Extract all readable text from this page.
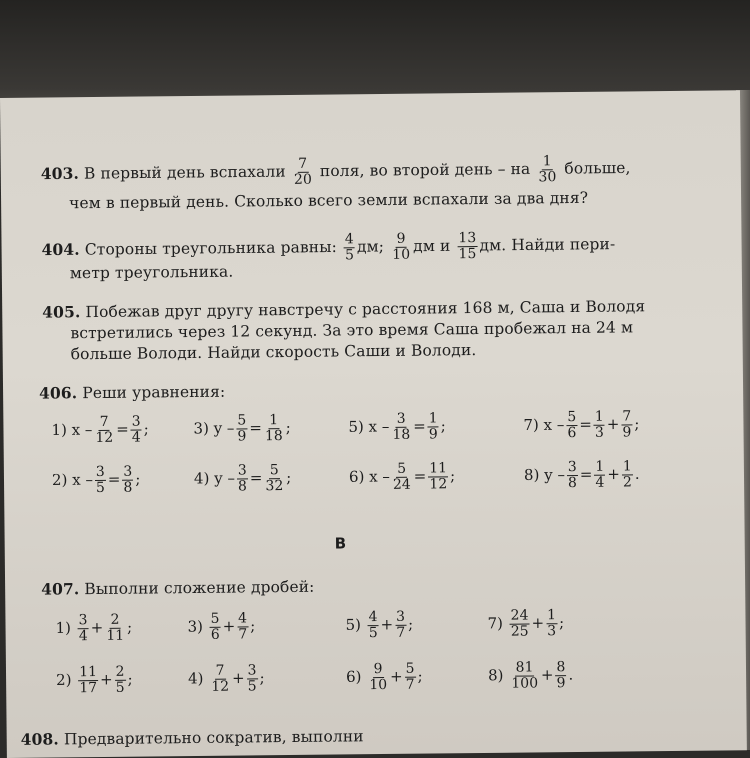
403. В первый день вспахали $\frac{7}{20}$ поля, во второй день – на $\frac{1}{30}$ больше,
чем в первый день. Сколько всего земли вспахали за два дня?
404. Стороны треугольника равны: $\frac{4}{5}$ дм; $\frac{9}{10}$ дм и $\frac{13}{15}$ дм. Найди пери-
метр треугольника.
405. Побежав друг другу навстречу с расстояния 168 м, Саша и Володя
встретились через 12 секунд. За это время Саша пробежал на 24 м
больше Володи. Найди скорость Саши и Володи.
406. Реши уравнения:
1) $x - \frac{7}{12} = \frac{3}{4}$ ;	3) $y - \frac{5}{9} = \frac{1}{18}$ ;	5) $x - \frac{3}{18} = \frac{1}{9}$ ;	7) $x - \frac{5}{6} = \frac{1}{3} + \frac{7}{9}$ ;
2) $x - \frac{3}{5} = \frac{3}{8}$ ;	4) $y - \frac{3}{8} = \frac{5}{32}$ ;	6) $x - \frac{5}{24} = \frac{11}{12}$ ;	8) $y - \frac{3}{8} = \frac{1}{4} + \frac{1}{2}$ .
B
407. Выполни сложение дробей:
$1) \frac{3}{4} + \frac{2}{11}$ ;	$3) \frac{5}{6} + \frac{4}{7}$ ;	$5) \frac{4}{5} + \frac{3}{7}$ ;	$7) \frac{24}{25} + \frac{1}{3}$ ;
$2) \frac{11}{17} + \frac{2}{5}$ ;	$4) \frac{7}{12} + \frac{3}{5}$ ;	$6) \frac{9}{10} + \frac{5}{7}$ ;	$8) \frac{81}{100} + \frac{8}{9}$ .
408. Предварительно сократив, выполни
